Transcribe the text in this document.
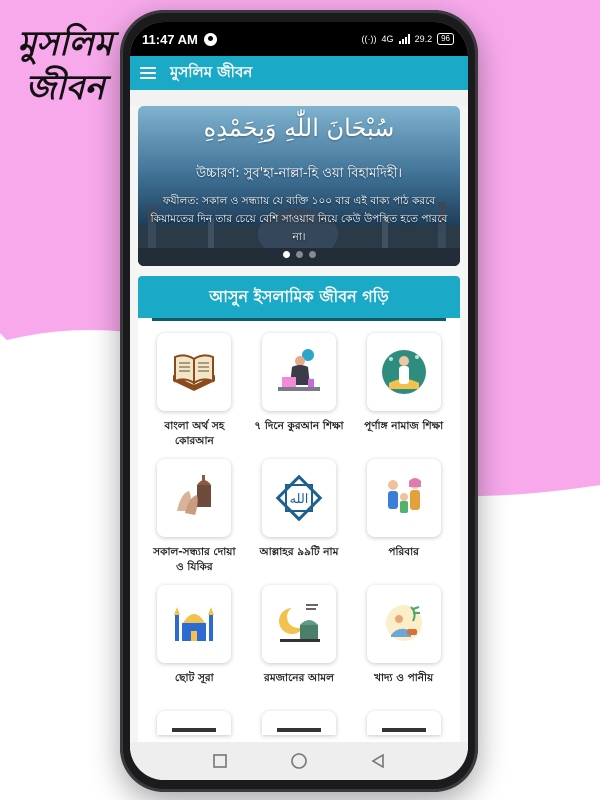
মুসলিম
জীবন
11:47 AM	((·)) 4G 29.2	96
মুসলিম জীবন
سُبْحَانَ اللّٰهِ وَبِحَمْدِهِ
উচ্চারণ: সুব'হা-নাল্লা-হি ওয়া বিহামদিহী।
ফযীলত: সকাল ও সন্ধ্যায় যে ব্যক্তি ১০০ বার এই বাক্য পাঠ করবে কিয়ামতের দিন তার চেয়ে বেশি সাওয়াব নিয়ে কেউ উপস্থিত হতে পারবে না।
আসুন ইসলামিক জীবন গড়ি
বাংলা অর্থ সহ কোরআন
৭ দিনে কুরআন শিক্ষা	পূর্ণাঙ্গ নামাজ শিক্ষা
সকাল-সন্ধ্যার দোয়া ও যিকির
الله
আল্লাহর ৯৯টি নাম	পরিবার
ছোট সূরা	রমজানের আমল	খাদ্য ও পানীয়
